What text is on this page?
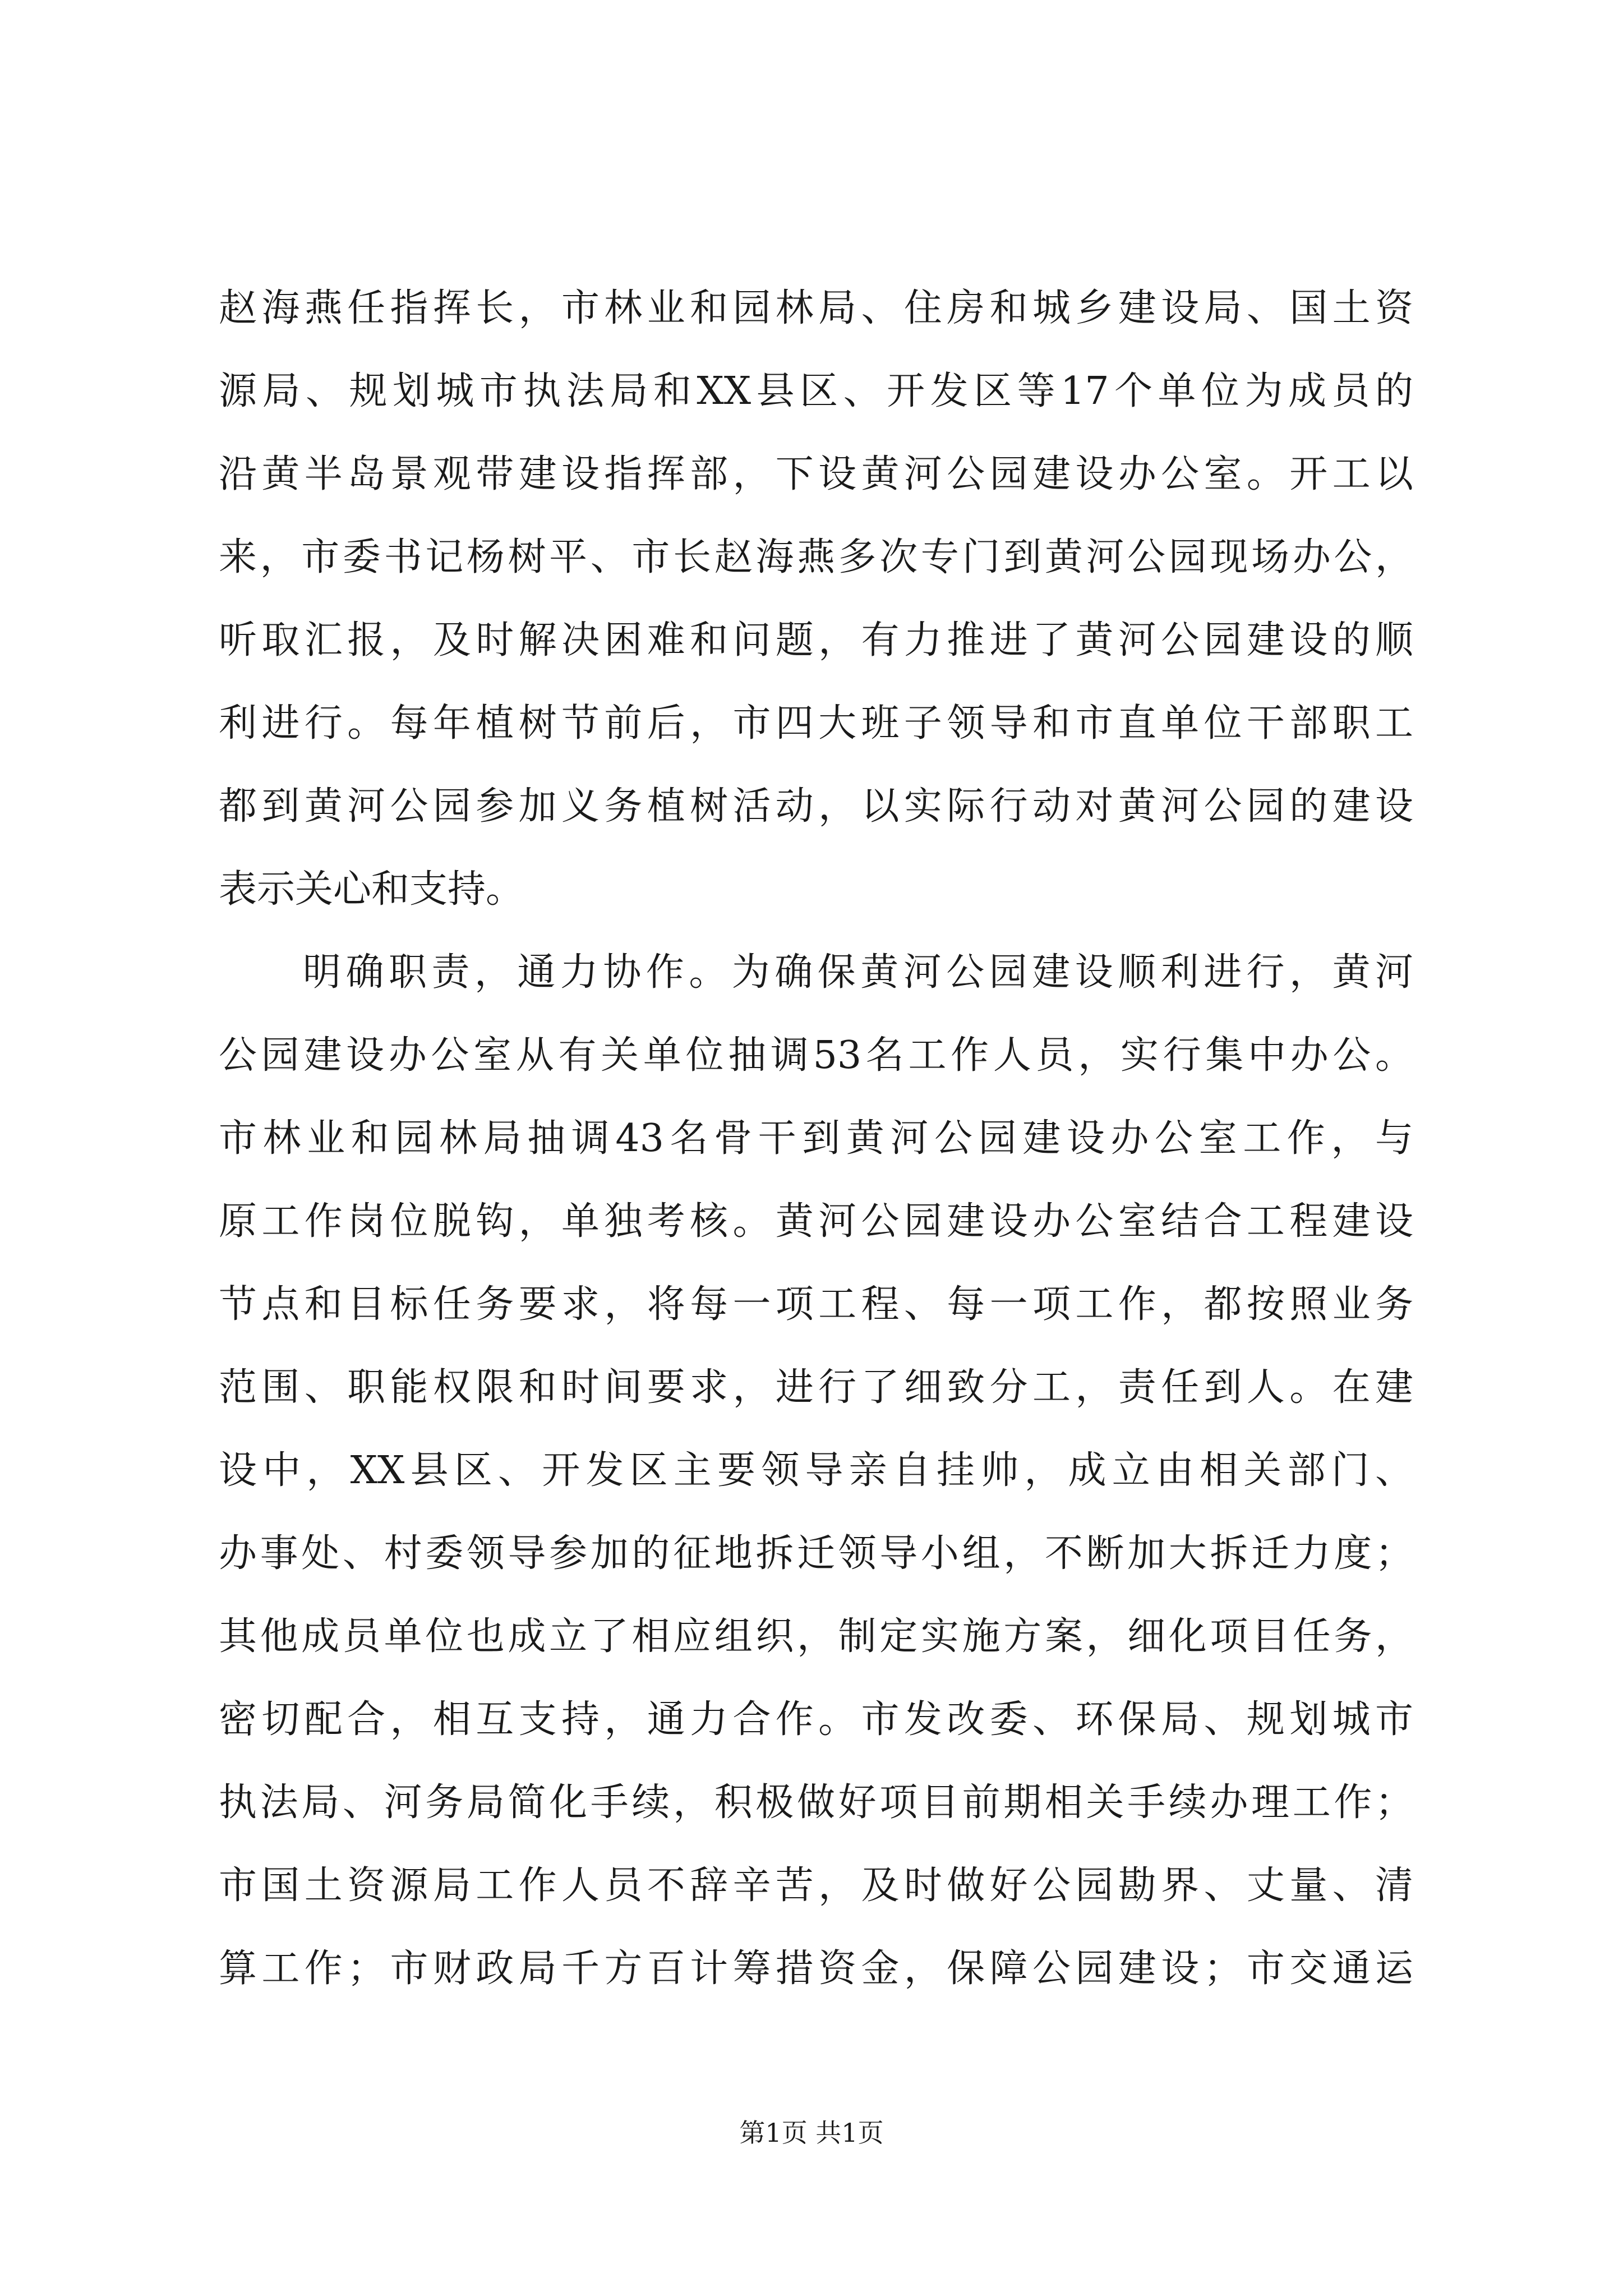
赵海燕任指挥长，市林业和园林局、住房和城乡建设局、国土资
源局、规划城市执法局和XX县区、开发区等17个单位为成员的
沿黄半岛景观带建设指挥部，下设黄河公园建设办公室。开工以
来，市委书记杨树平、市长赵海燕多次专门到黄河公园现场办公，
听取汇报，及时解决困难和问题，有力推进了黄河公园建设的顺
利进行。每年植树节前后，市四大班子领导和市直单位干部职工
都到黄河公园参加义务植树活动，以实际行动对黄河公园的建设
表示关心和支持。
明确职责，通力协作。为确保黄河公园建设顺利进行，黄河
公园建设办公室从有关单位抽调53名工作人员，实行集中办公。
市林业和园林局抽调43名骨干到黄河公园建设办公室工作，与
原工作岗位脱钩，单独考核。黄河公园建设办公室结合工程建设
节点和目标任务要求，将每一项工程、每一项工作，都按照业务
范围、职能权限和时间要求，进行了细致分工，责任到人。在建
设中，XX县区、开发区主要领导亲自挂帅，成立由相关部门、
办事处、村委领导参加的征地拆迁领导小组，不断加大拆迁力度；
其他成员单位也成立了相应组织，制定实施方案，细化项目任务，
密切配合，相互支持，通力合作。市发改委、环保局、规划城市
执法局、河务局简化手续，积极做好项目前期相关手续办理工作；
市国土资源局工作人员不辞辛苦，及时做好公园勘界、丈量、清
算工作；市财政局千方百计筹措资金，保障公园建设；市交通运
第1页 共1页
